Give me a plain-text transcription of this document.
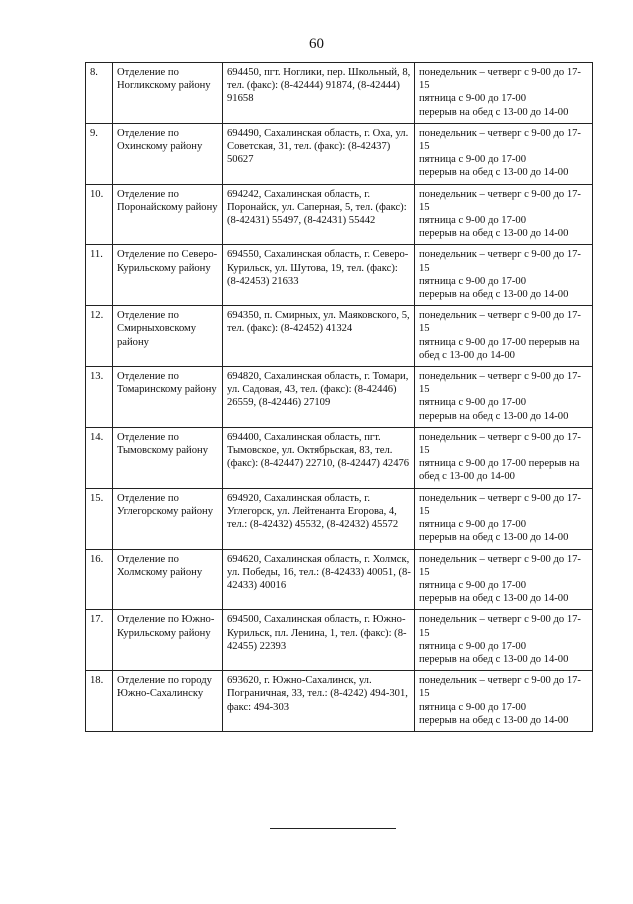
60
8.	Отделение по Ногликскому району	694450, пгт. Ноглики, пер. Школьный, 8, тел. (факс): (8-42444) 91874, (8-42444) 91658	понедельник – четверг с 9-00 до 17-15
пятница с 9-00 до 17-00
перерыв на обед с 13-00 до 14-00

9.	Отделение по Охинскому району	694490, Сахалинская область, г. Оха, ул. Советская, 31, тел. (факс): (8-42437) 50627	понедельник – четверг с 9-00 до 17-15
пятница с 9-00 до 17-00
перерыв на обед с 13-00 до 14-00

10.	Отделение по Поронайскому району	694242, Сахалинская область, г. Поронайск, ул. Саперная, 5, тел. (факс): (8-42431) 55497, (8-42431) 55442	понедельник – четверг с 9-00 до 17-15
пятница с 9-00 до 17-00
перерыв на обед с 13-00 до 14-00

11.	Отделение по Северо-Курильскому району	694550, Сахалинская область, г. Северо-Курильск, ул. Шутова, 19, тел. (факс): (8-42453) 21633	понедельник – четверг с 9-00 до 17-15
пятница с 9-00 до 17-00
перерыв на обед с 13-00 до 14-00

12.	Отделение по Смирныховскому району	694350, п. Смирных, ул. Маяковского, 5, тел. (факс): (8-42452) 41324	понедельник – четверг с 9-00 до 17-15
пятница с 9-00 до 17-00 перерыв на обед с 13-00 до 14-00

13.	Отделение по Томаринскому району	694820, Сахалинская область, г. Томари, ул. Садовая, 43, тел. (факс): (8-42446) 26559, (8-42446) 27109	понедельник – четверг с 9-00 до 17-15
пятница с 9-00 до 17-00
перерыв на обед с 13-00 до 14-00

14.	Отделение по Тымовскому району	694400, Сахалинская область, пгт. Тымовское, ул. Октябрьская, 83, тел. (факс): (8-42447) 22710, (8-42447) 42476	понедельник – четверг с 9-00 до 17-15
пятница с 9-00 до 17-00 перерыв на обед с 13-00 до 14-00

15.	Отделение по Углегорскому району	694920, Сахалинская область, г. Углегорск, ул. Лейтенанта Егорова, 4, тел.: (8-42432) 45532, (8-42432) 45572	понедельник – четверг с 9-00 до 17-15
пятница с 9-00 до 17-00
перерыв на обед с 13-00 до 14-00

16.	Отделение по Холмскому району	694620, Сахалинская область, г. Холмск, ул. Победы, 16, тел.: (8-42433) 40051, (8-42433) 40016	понедельник – четверг с 9-00 до 17-15
пятница с 9-00 до 17-00
перерыв на обед с 13-00 до 14-00

17.	Отделение по Южно-Курильскому району	694500, Сахалинская область, г. Южно-Курильск, пл. Ленина, 1, тел. (факс): (8-42455) 22393	понедельник – четверг с 9-00 до 17-15
пятница с 9-00 до 17-00
перерыв на обед с 13-00 до 14-00

18.	Отделение по городу Южно-Сахалинску	693620, г. Южно-Сахалинск, ул. Пограничная, 33, тел.: (8-4242) 494-301, факс: 494-303	понедельник – четверг с 9-00 до 17-15
пятница с 9-00 до 17-00
перерыв на обед с 13-00 до 14-00
